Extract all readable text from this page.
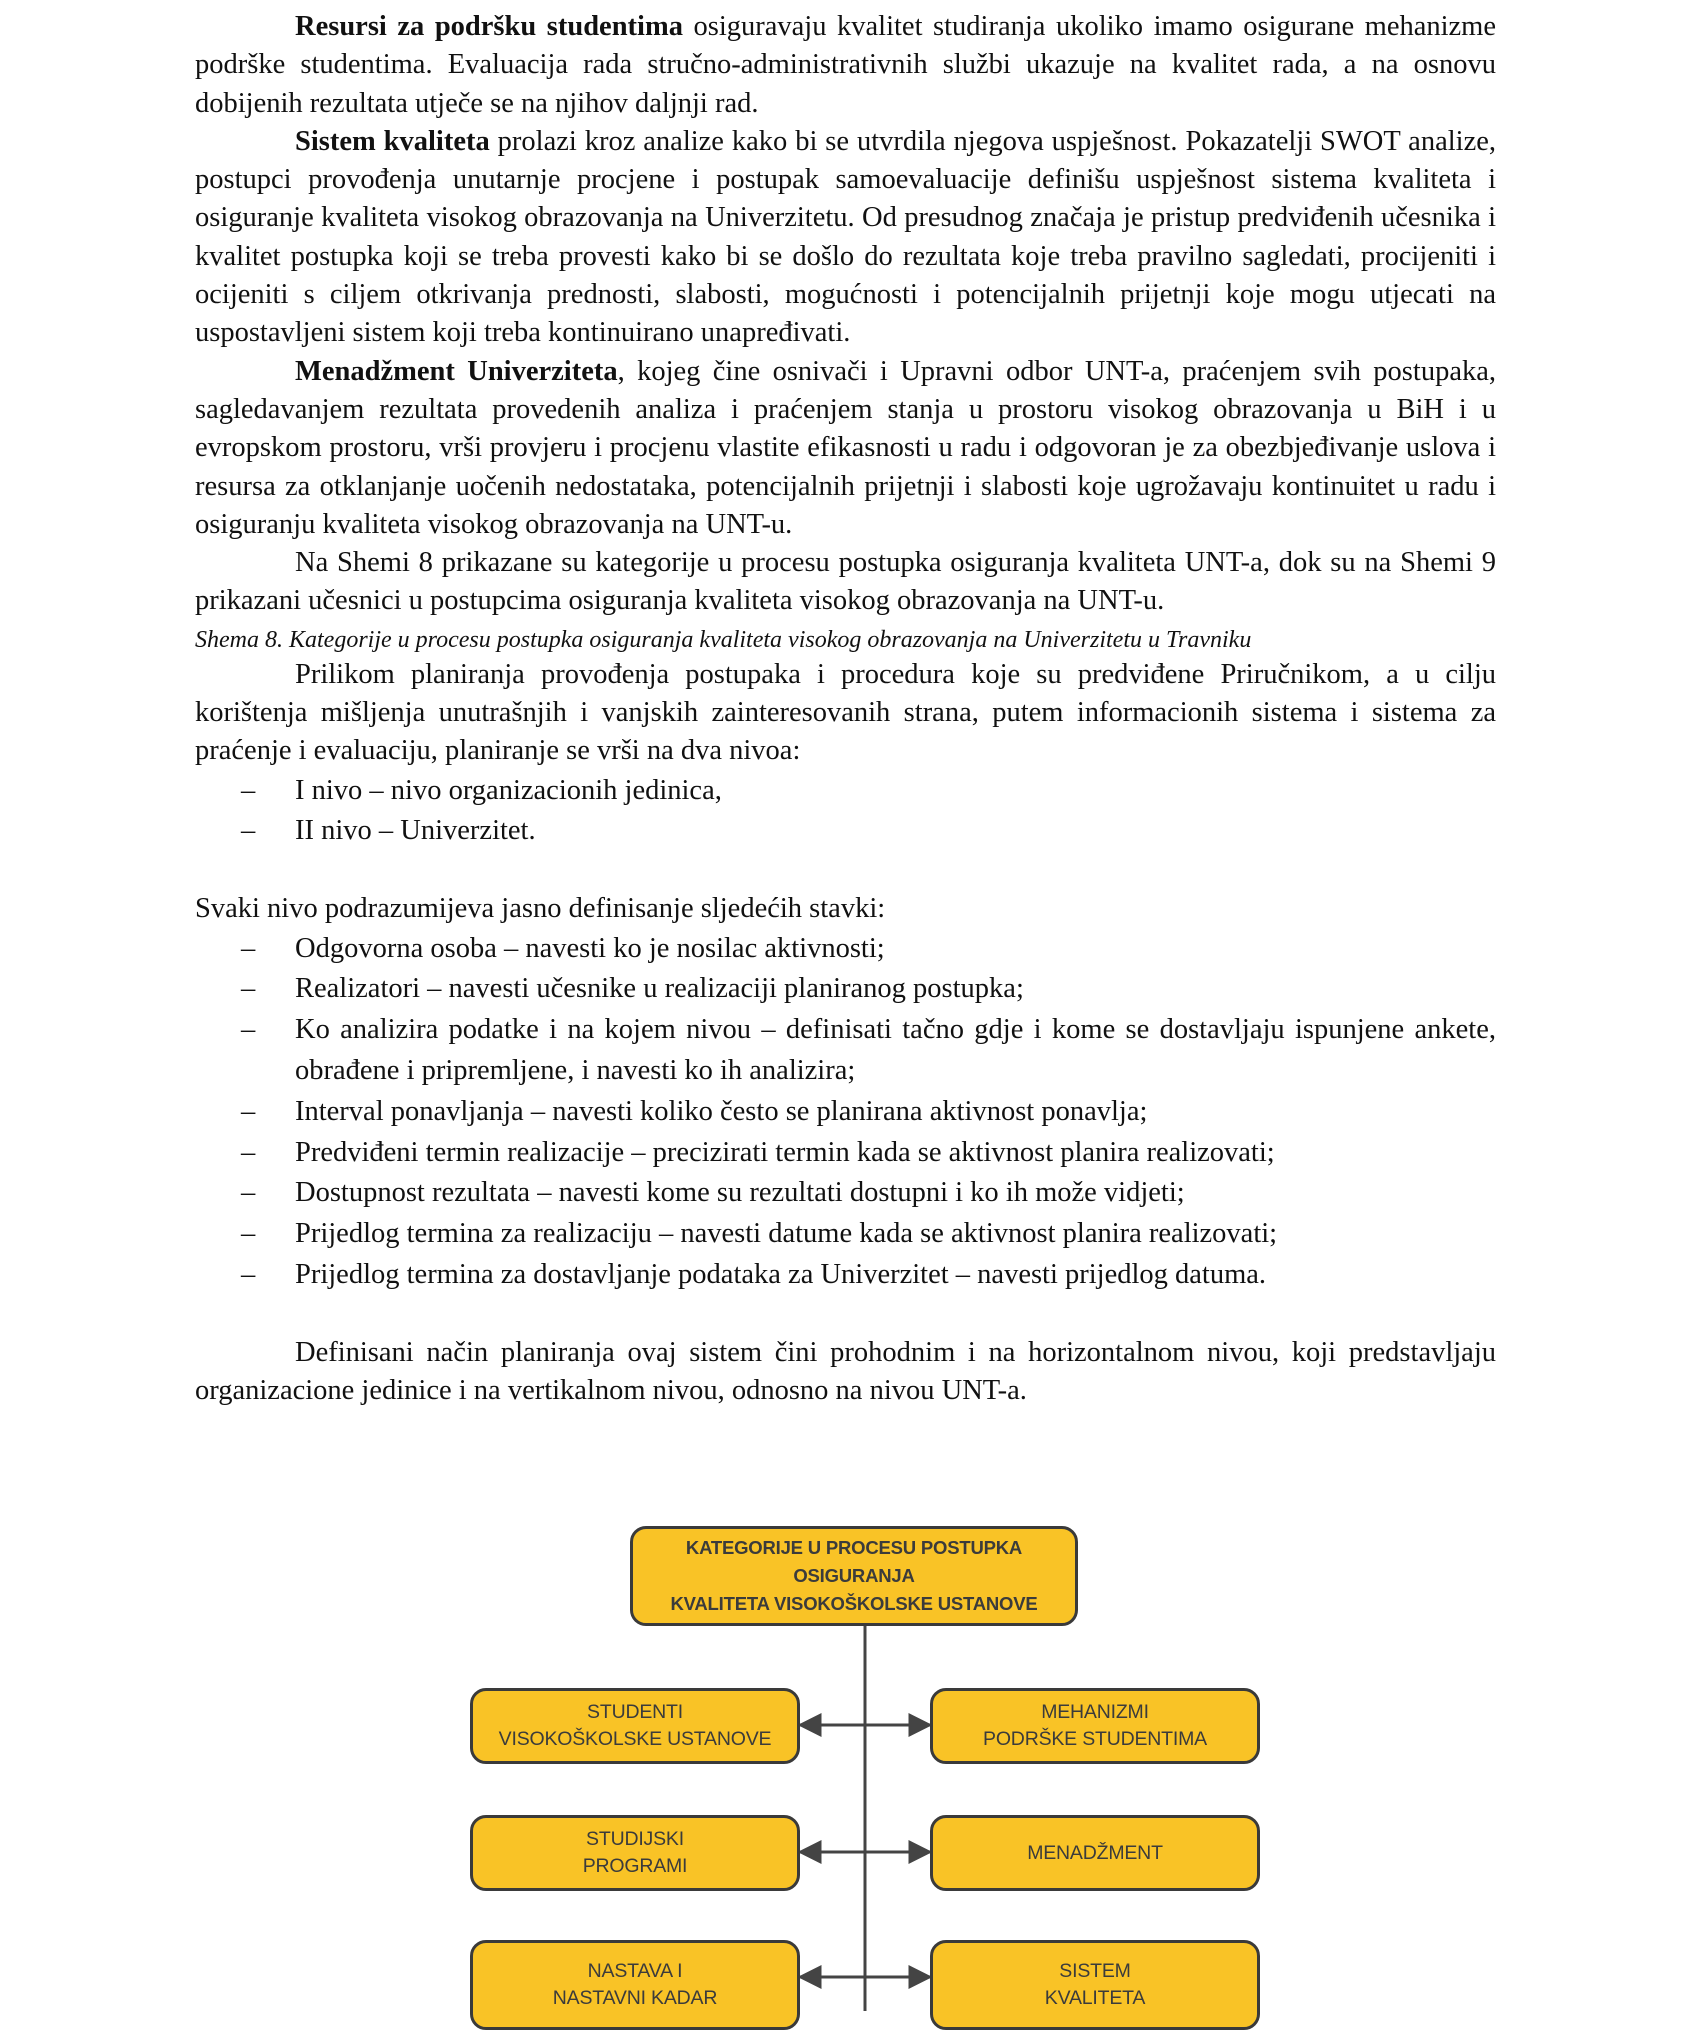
Resursi za podršku studentima osiguravaju kvalitet studiranja ukoliko imamo osigurane mehanizme podrške studentima. Evaluacija rada stručno-administrativnih službi ukazuje na kvalitet rada, a na osnovu dobijenih rezultata utječe se na njihov daljnji rad.

Sistem kvaliteta prolazi kroz analize kako bi se utvrdila njegova uspješnost. Pokazatelji SWOT analize, postupci provođenja unutarnje procjene i postupak samoevaluacije definišu uspješnost sistema kvaliteta i osiguranje kvaliteta visokog obrazovanja na Univerzitetu. Od presudnog značaja je pristup predviđenih učesnika i kvalitet postupka koji se treba provesti kako bi se došlo do rezultata koje treba pravilno sagledati, procijeniti i ocijeniti s ciljem otkrivanja prednosti, slabosti, mogućnosti i potencijalnih prijetnji koje mogu utjecati na uspostavljeni sistem koji treba kontinuirano unapređivati.

Menadžment Univerziteta, kojeg čine osnivači i Upravni odbor UNT-a, praćenjem svih postupaka, sagledavanjem rezultata provedenih analiza i praćenjem stanja u prostoru visokog obrazovanja u BiH i u evropskom prostoru, vrši provjeru i procjenu vlastite efikasnosti u radu i odgovoran je za obezbjeđivanje uslova i resursa za otklanjanje uočenih nedostataka, potencijalnih prijetnji i slabosti koje ugrožavaju kontinuitet u radu i osiguranju kvaliteta visokog obrazovanja na UNT-u.

Na Shemi 8 prikazane su kategorije u procesu postupka osiguranja kvaliteta UNT-a, dok su na Shemi 9 prikazani učesnici u postupcima osiguranja kvaliteta visokog obrazovanja na UNT-u.

Shema 8. Kategorije u procesu postupka osiguranja kvaliteta visokog obrazovanja na Univerzitetu u Travniku

Prilikom planiranja provođenja postupaka i procedura koje su predviđene Priručnikom, a u cilju korištenja mišljenja unutrašnjih i vanjskih zainteresovanih strana, putem informacionih sistema i sistema za praćenje i evaluaciju, planiranje se vrši na dva nivoa:

– I nivo – nivo organizacionih jedinica,
– II nivo – Univerzitet.

Svaki nivo podrazumijeva jasno definisanje sljedećih stavki:

– Odgovorna osoba – navesti ko je nosilac aktivnosti;
– Realizatori – navesti učesnike u realizaciji planiranog postupka;
– Ko analizira podatke i na kojem nivou – definisati tačno gdje i kome se dostavljaju ispunjene ankete, obrađene i pripremljene, i navesti ko ih analizira;
– Interval ponavljanja – navesti koliko često se planirana aktivnost ponavlja;
– Predviđeni termin realizacije – precizirati termin kada se aktivnost planira realizovati;
– Dostupnost rezultata – navesti kome su rezultati dostupni i ko ih može vidjeti;
– Prijedlog termina za realizaciju – navesti datume kada se aktivnost planira realizovati;
– Prijedlog termina za dostavljanje podataka za Univerzitet – navesti prijedlog datuma.

Definisani način planiranja ovaj sistem čini prohodnim i na horizontalnom nivou, koji predstavljaju organizacione jedinice i na vertikalnom nivou, odnosno na nivou UNT-a.

KATEGORIJE U PROCESU POSTUPKA OSIGURANJA
KVALITETA VISOKOŠKOLSKE USTANOVE
STUDENTI
VISOKOŠKOLSKE USTANOVE
STUDIJSKI
PROGRAMI
NASTAVA I
NASTAVNI KADAR
MEHANIZMI
PODRŠKE STUDENTIMA
MENADŽMENT
SISTEM
KVALITETA
